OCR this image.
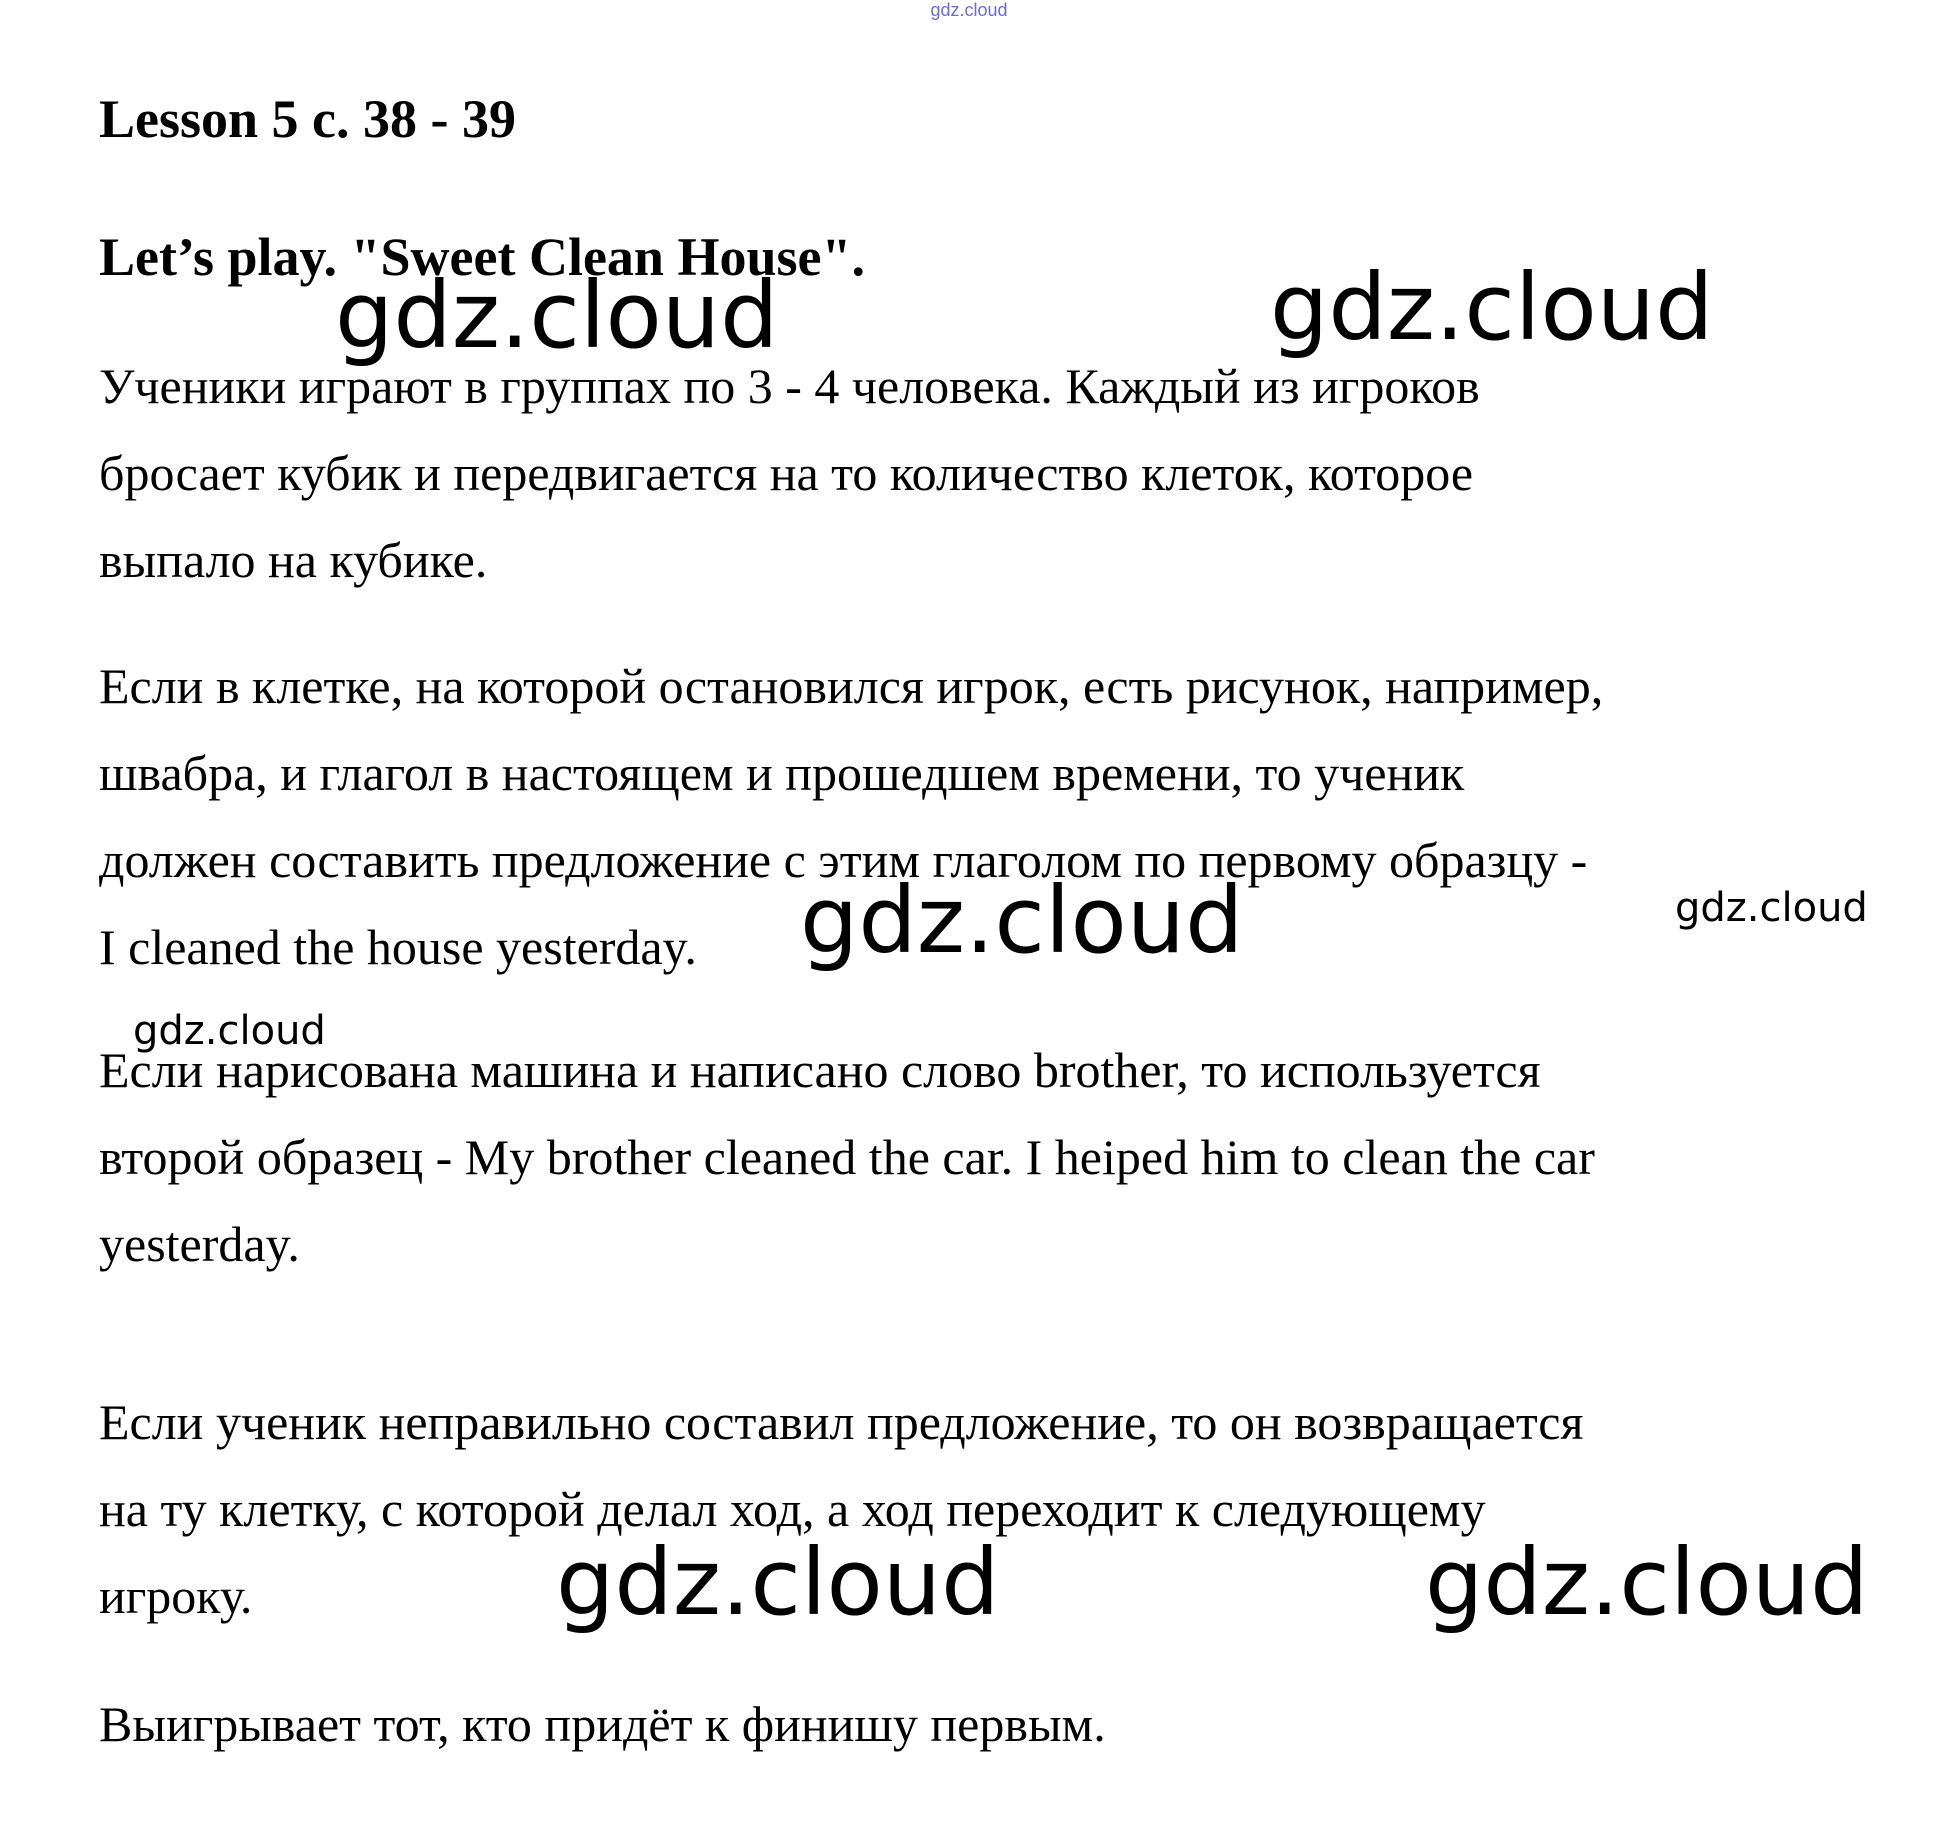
gdz.cloud
Lesson 5 c. 38 - 39
Let’s play. "Sweet Clean House".
Ученики играют в группах по 3 - 4 человека. Каждый из игроков
бросает кубик и передвигается на то количество клеток, которое
выпало на кубике.
Если в клетке, на которой остановился игрок, есть рисунок, например,
швабра, и глагол в настоящем и прошедшем времени, то ученик
должен составить предложение с этим глаголом по первому образцу -
I cleaned the house yesterday.
Если нарисована машина и написано слово brother, то используется
второй образец - My brother cleaned the car. I heiped him to clean the car
yesterday.
Если ученик неправильно составил предложение, то он возвращается
на ту клетку, с которой делал ход, а ход переходит к следующему
игроку.
Выигрывает тот, кто придёт к финишу первым.
gdz.cloud	gdz.cloud
gdz.cloud	gdz.cloud
gdz.cloud
gdz.cloud	gdz.cloud
